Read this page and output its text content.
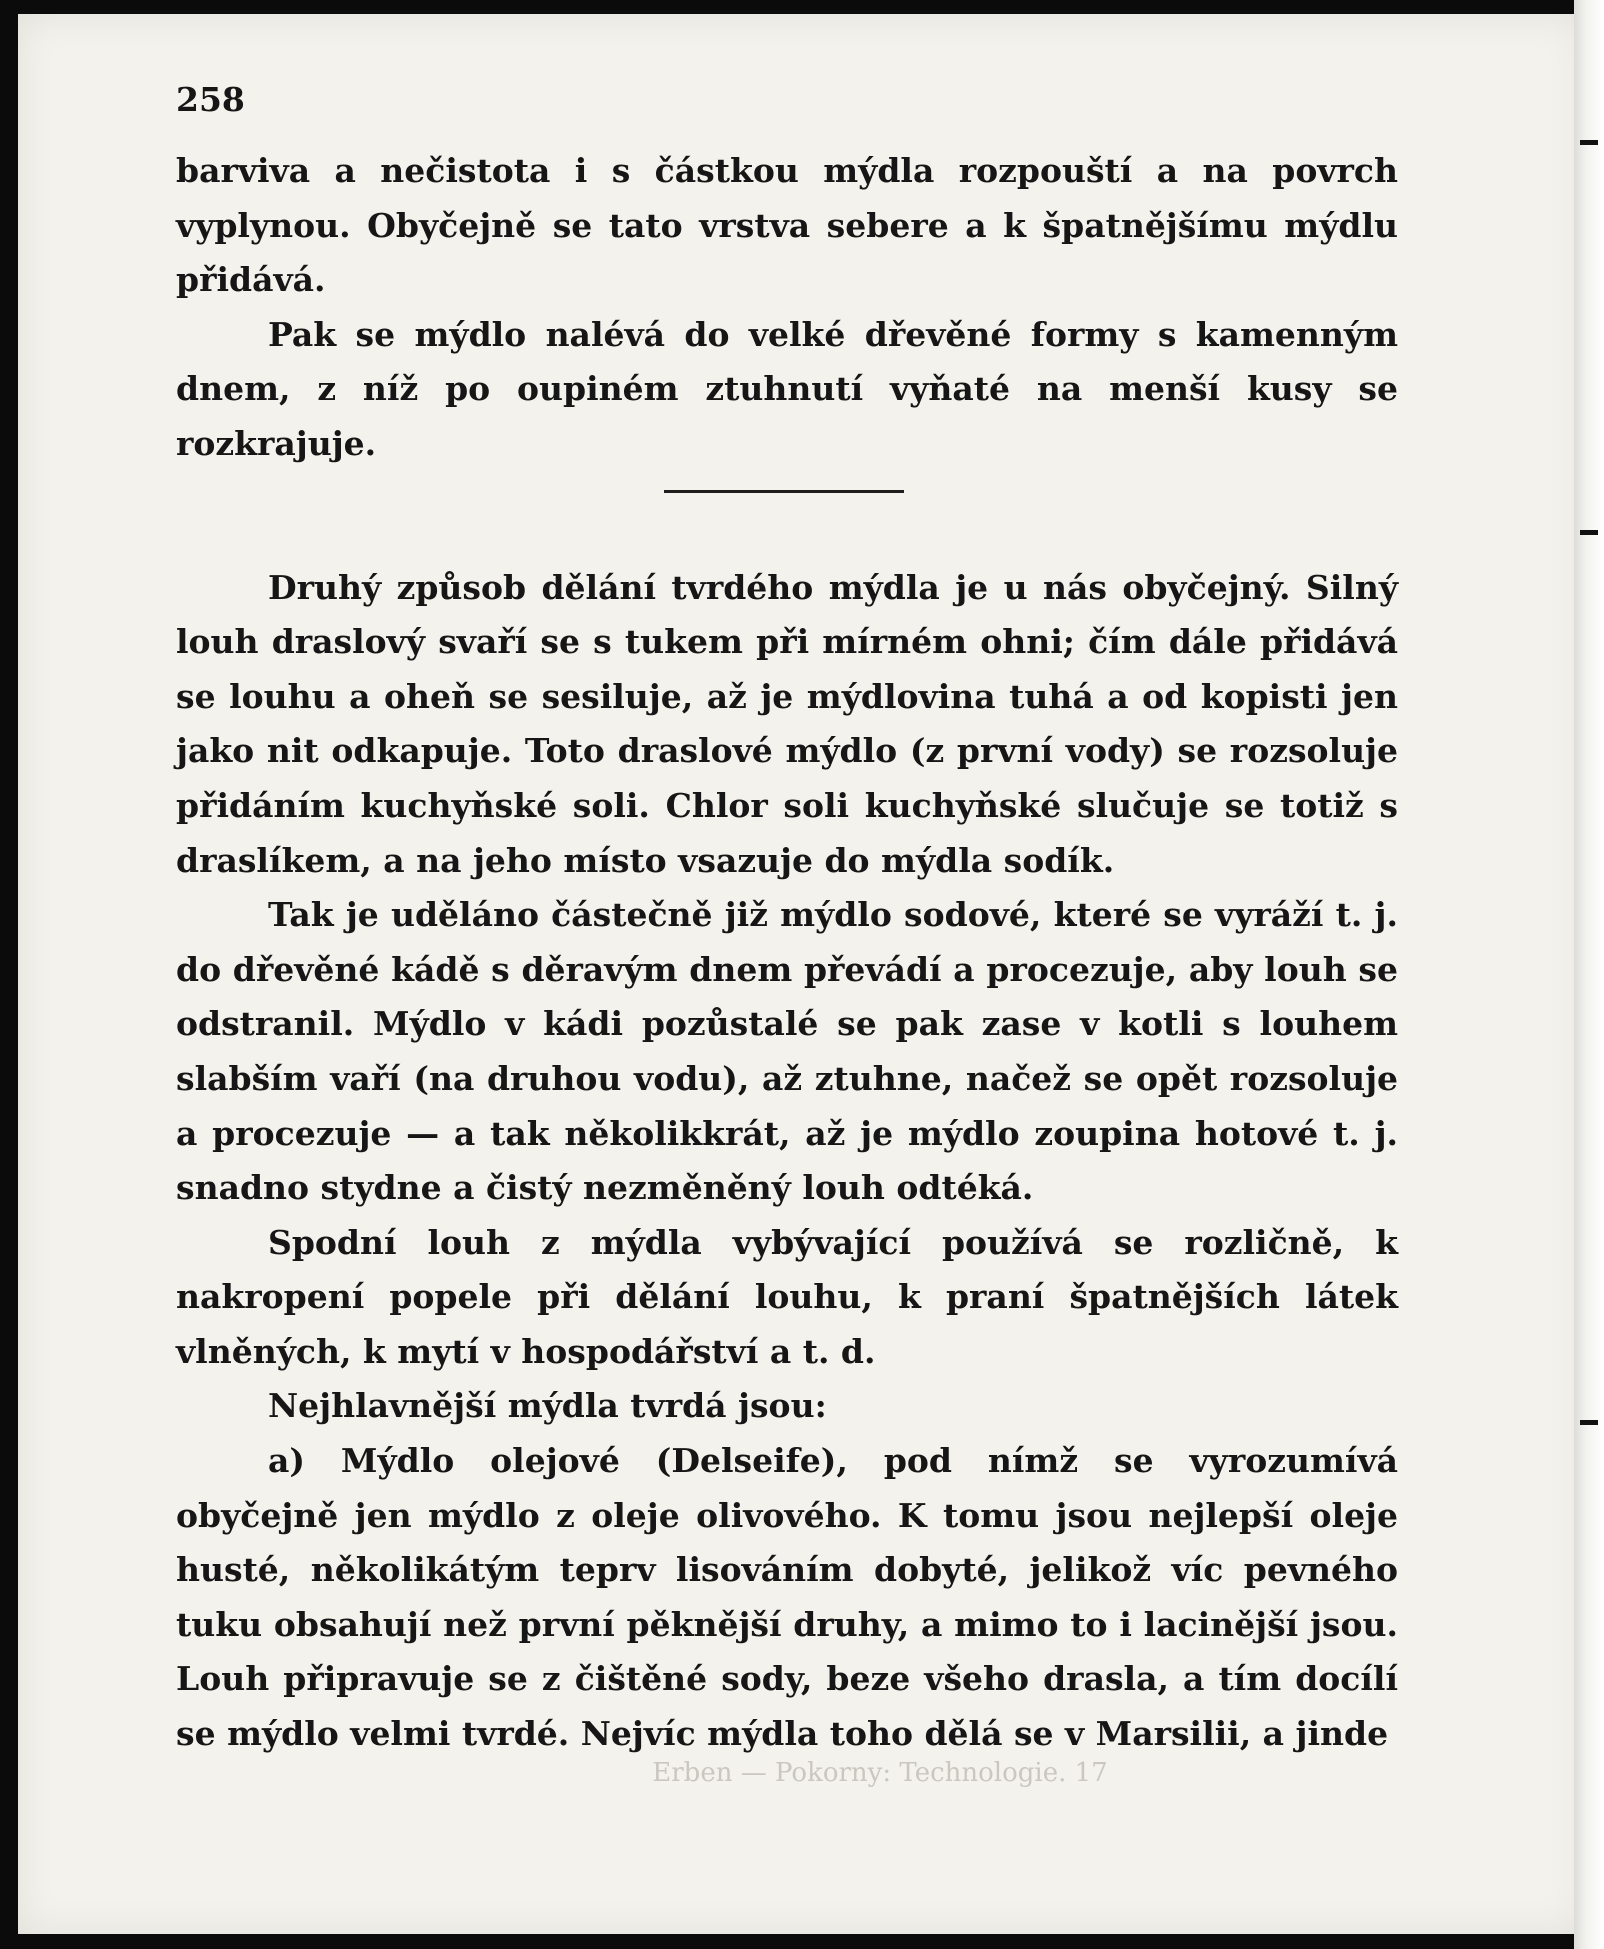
258

barviva a nečistota i s částkou mýdla rozpouští a na povrch vyplynou. Obyčejně se tato vrstva sebere a k špatnějšímu mýdlu přidává.

Pak se mýdlo nalévá do velké dřevěné formy s kamenným dnem, z níž po oupiném ztuhnutí vyňaté na menší kusy se rozkrajuje.

Druhý způsob dělání tvrdého mýdla je u nás obyčejný. Silný louh draslový svaří se s tukem při mírném ohni; čím dále přidává se louhu a oheň se sesiluje, až je mýdlovina tuhá a od kopisti jen jako nit odkapuje. Toto draslové mýdlo (z první vody) se rozsoluje přidáním kuchyňské soli. Chlor soli kuchyňské slučuje se totiž s draslíkem, a na jeho místo vsazuje do mýdla sodík.

Tak je uděláno částečně již mýdlo sodové, které se vyráží t. j. do dřevěné kádě s děravým dnem převádí a procezuje, aby louh se odstranil. Mýdlo v kádi pozůstalé se pak zase v kotli s louhem slabším vaří (na druhou vodu), až ztuhne, načež se opět rozsoluje a procezuje — a tak několikkrát, až je mýdlo zoupina hotové t. j. snadno stydne a čistý nezměněný louh odtéká.

Spodní louh z mýdla vybývající používá se rozličně, k nakropení popele při dělání louhu, k praní špatnějších látek vlněných, k mytí v hospodářství a t. d.

Nejhlavnější mýdla tvrdá jsou:

a) Mýdlo olejové (Delseife), pod nímž se vyrozumívá obyčejně jen mýdlo z oleje olivového. K tomu jsou nejlepší oleje husté, několikátým teprv lisováním dobyté, jelikož víc pevného tuku obsahují než první pěknější druhy, a mimo to i lacinější jsou. Louh připravuje se z čištěné sody, beze všeho drasla, a tím docílí se mýdlo velmi tvrdé. Nejvíc mýdla toho dělá se v Marsilii, a jinde

Erben — Pokorny: Technologie. 17
